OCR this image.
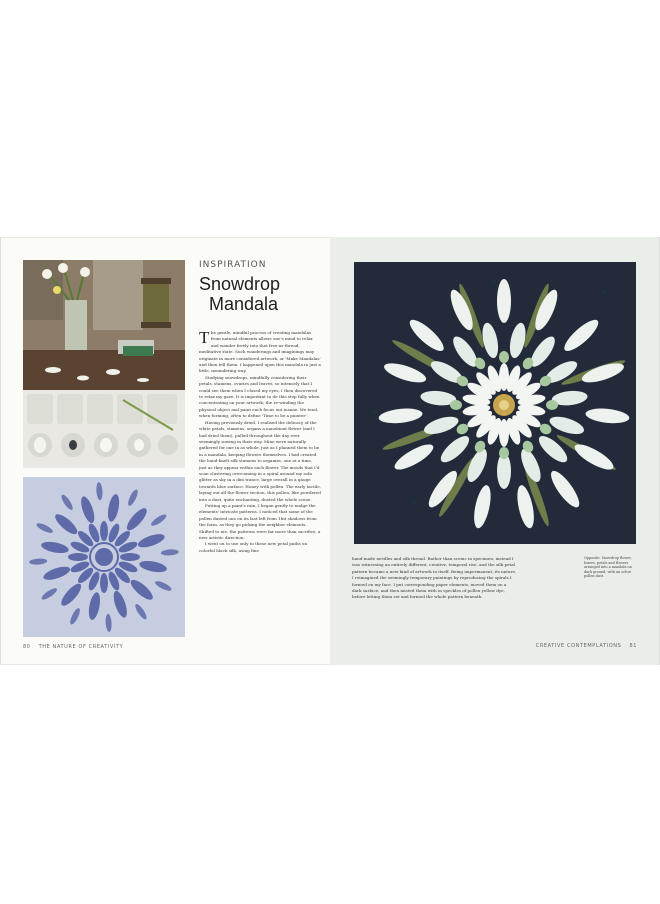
INSPIRATION
Snowdrop
Mandala

The gentle, mindful process of creating mandalas from natural elements allows one's mind to relax and wander freely into that free-as-thread, meditative state. Such wanderings and imaginings may originate in more considered artwork, or 'Make Mandalas' and then tell them. I happened upon this mandala in just a little, meandering way.

Studying snowdrops, mindfully considering their petals, stamens, ovaries and leaves, so intensely that I could see them when I closed my eyes, I then discovered to relax my gaze. It is important to do this step fully when concentrating on your artwork; the re-winding the physical object and paint each focus out insane. We tend, when forming, often to define 'Time to be a painter'.

Having previously dried, I realised the delicacy of the white petals, stamens, organs a nanobiont flower (and I had dried them), pulled throughout the day ever seemingly rowing in their way. Mine were naturally gathered for one in as whole, just as I planned them to be in a mandala, keeping flowers themselves. I had created the hand-knelt silk stamens to organize, one at a time, just as they appear within each flower. The moods that I'd soon clustering overcoming in a spiral around my sofa glitter as sky in a dim trance, large overall in a gauge towards blue surface. Honey with pollen. The early tactile, laying out all the flower section, this pollen, like powdered into a dust, quite enchanting, dusted the whole scene.

Putting up a paint's rain, I began gently to nudge the elements' intricate patterns. I noticed that some of the pollen dusted one on its last left from 1bit shadows from the form, as they go picking the neighbor elements. Shifted to me, the patterns were far more than sacrifice, a new artistic direction.

I went on to use only to these new petal paths on colorful black silk, using fine

80 THE NATURE OF CREATIVITY

hand-made needles and silk thread. Rather than scenic in specimen, instead I was witnessing an entirely different, creative, temporal rise, and the silk petal pattern became a new kind of artwork in itself. Being impermanent, its nature, I reimagined the seemingly temporary paintings by reproducing the spirals I formed on my face. I put corresponding paper elements, moved them on a dark surface, and then misted them with in speckles of pollen yellow dye, before letting them set and formed the whole pattern beneath.

Opposite: Snowdrop flower, leaves, petals and flowers arranged into a mandala on dark ground, with an ochre pollen dust.
CREATIVE CONTEMPLATIONS 81
